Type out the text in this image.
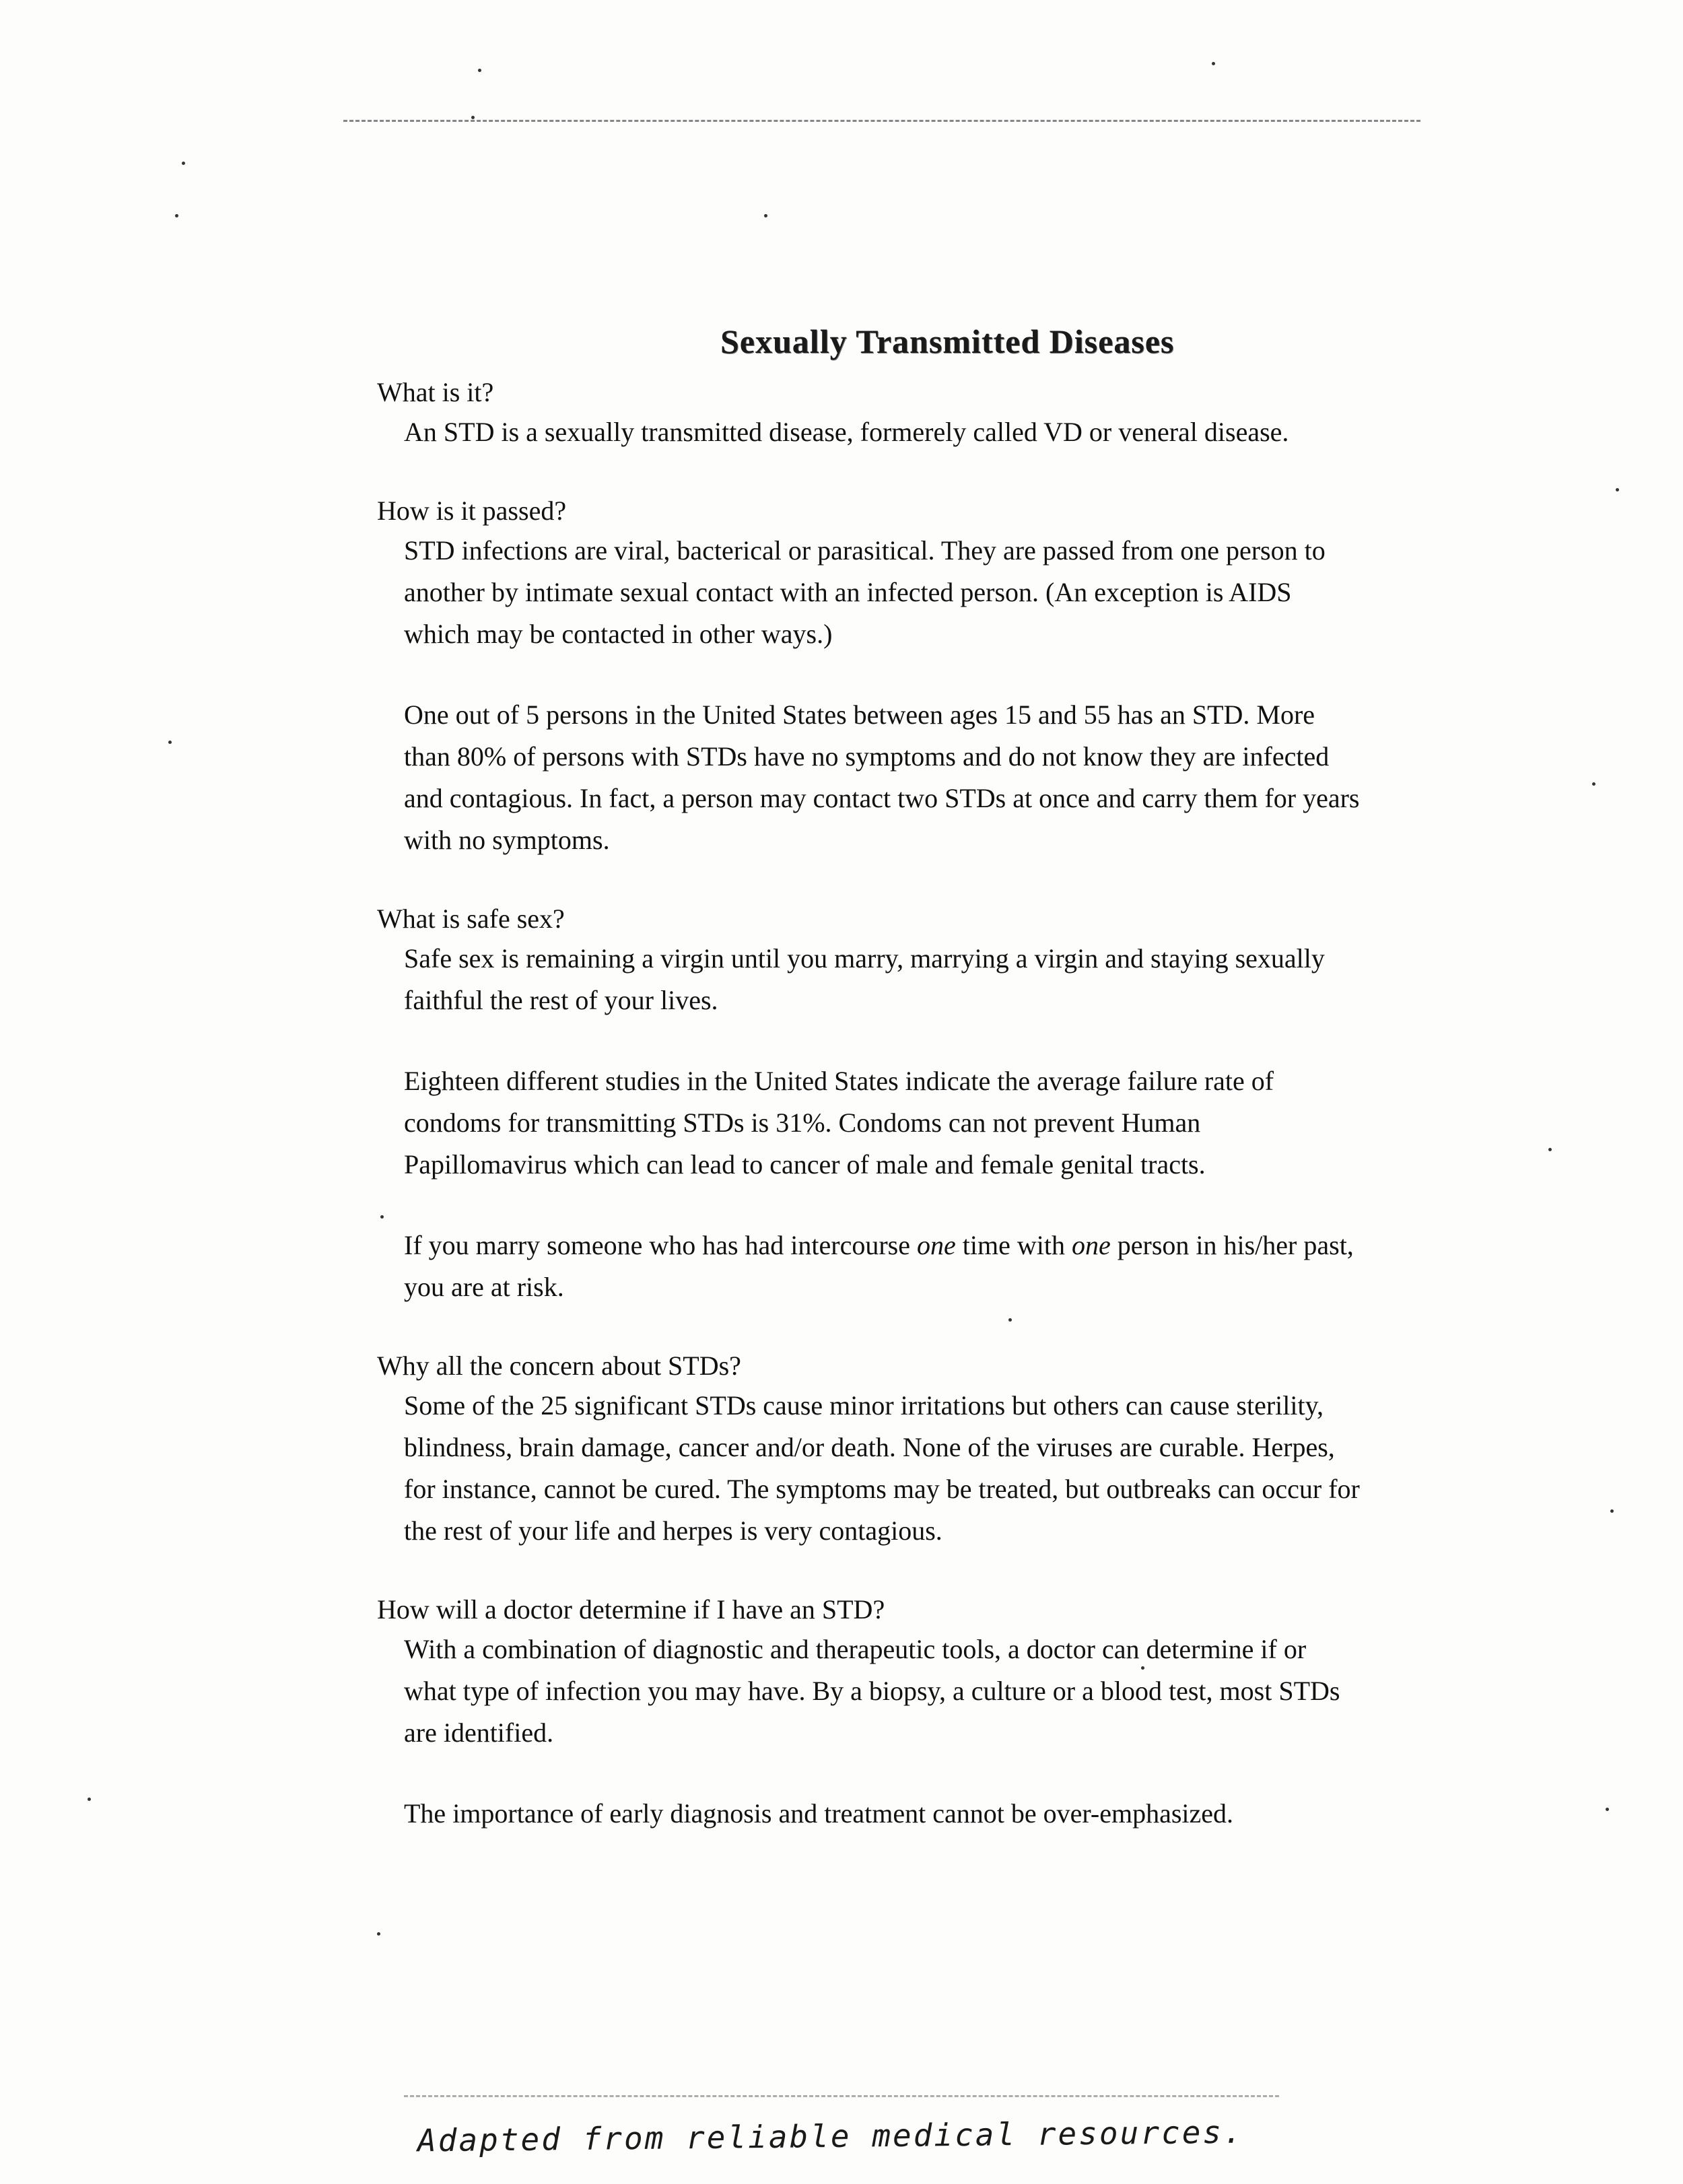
Sexually Transmitted Diseases

What is it?

An STD is a sexually transmitted disease, formerely called VD or veneral disease.

How is it passed?

STD infections are viral, bacterical or parasitical. They are passed from one person to another by intimate sexual contact with an infected person. (An exception is AIDS which may be contacted in other ways.)

One out of 5 persons in the United States between ages 15 and 55 has an STD. More than 80% of persons with STDs have no symptoms and do not know they are infected and contagious. In fact, a person may contact two STDs at once and carry them for years with no symptoms.

What is safe sex?

Safe sex is remaining a virgin until you marry, marrying a virgin and staying sexually faithful the rest of your lives.

Eighteen different studies in the United States indicate the average failure rate of condoms for transmitting STDs is 31%. Condoms can not prevent Human Papillomavirus which can lead to cancer of male and female genital tracts.

If you marry someone who has had intercourse one time with one person in his/her past, you are at risk.

Why all the concern about STDs?

Some of the 25 significant STDs cause minor irritations but others can cause sterility, blindness, brain damage, cancer and/or death. None of the viruses are curable. Herpes, for instance, cannot be cured. The symptoms may be treated, but outbreaks can occur for the rest of your life and herpes is very contagious.

How will a doctor determine if I have an STD?

With a combination of diagnostic and therapeutic tools, a doctor can determine if or what type of infection you may have. By a biopsy, a culture or a blood test, most STDs are identified.

The importance of early diagnosis and treatment cannot be over-emphasized.

Adapted from reliable medical resources.
